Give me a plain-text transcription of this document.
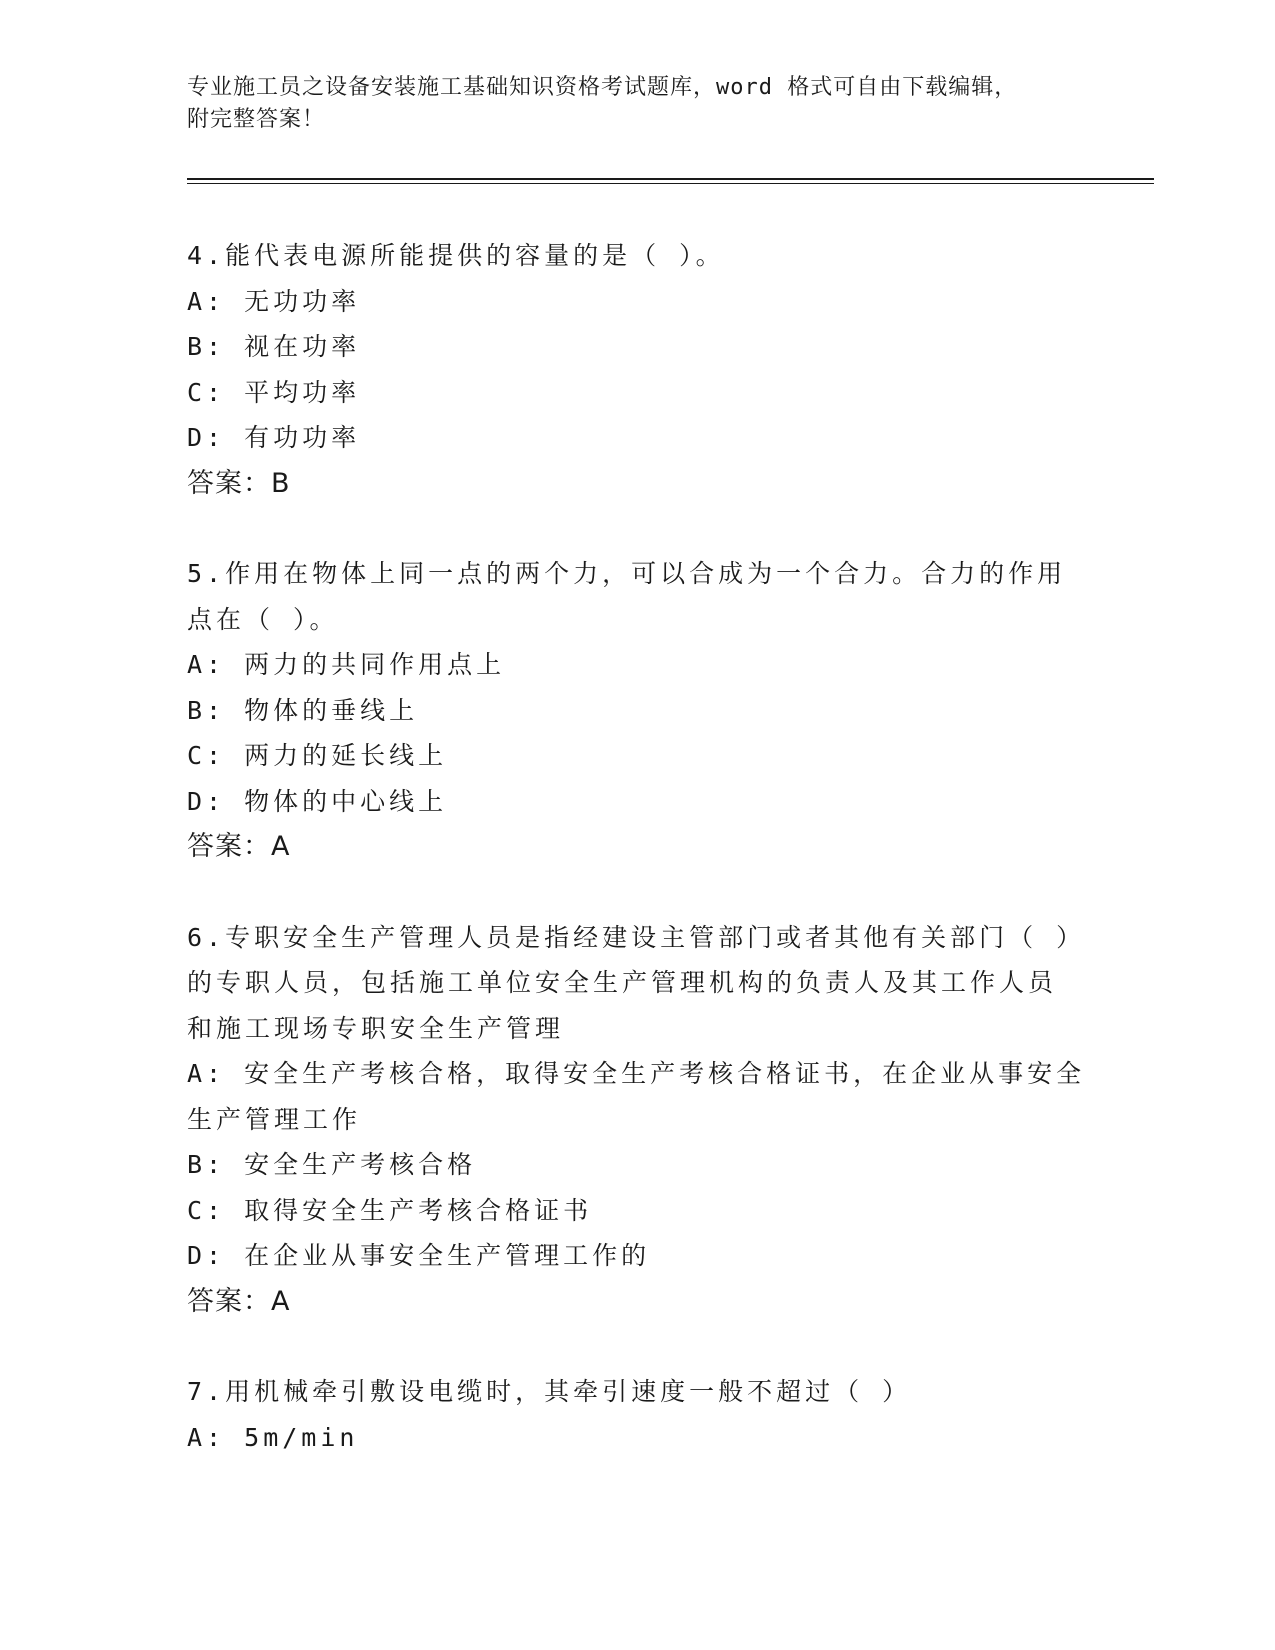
专业施工员之设备安装施工基础知识资格考试题库，word 格式可自由下载编辑，
附完整答案！
4.能代表电源所能提供的容量的是（ ）。
A: 无功功率
B: 视在功率
C: 平均功率
D: 有功功率
答案：B
5.作用在物体上同一点的两个力，可以合成为一个合力。合力的作用
点在（ ）。
A: 两力的共同作用点上
B: 物体的垂线上
C: 两力的延长线上
D: 物体的中心线上
答案：A
6.专职安全生产管理人员是指经建设主管部门或者其他有关部门（ ）
的专职人员，包括施工单位安全生产管理机构的负责人及其工作人员
和施工现场专职安全生产管理
A: 安全生产考核合格，取得安全生产考核合格证书，在企业从事安全
生产管理工作
B: 安全生产考核合格
C: 取得安全生产考核合格证书
D: 在企业从事安全生产管理工作的
答案：A
7.用机械牵引敷设电缆时，其牵引速度一般不超过（ ）
A: 5m/min
